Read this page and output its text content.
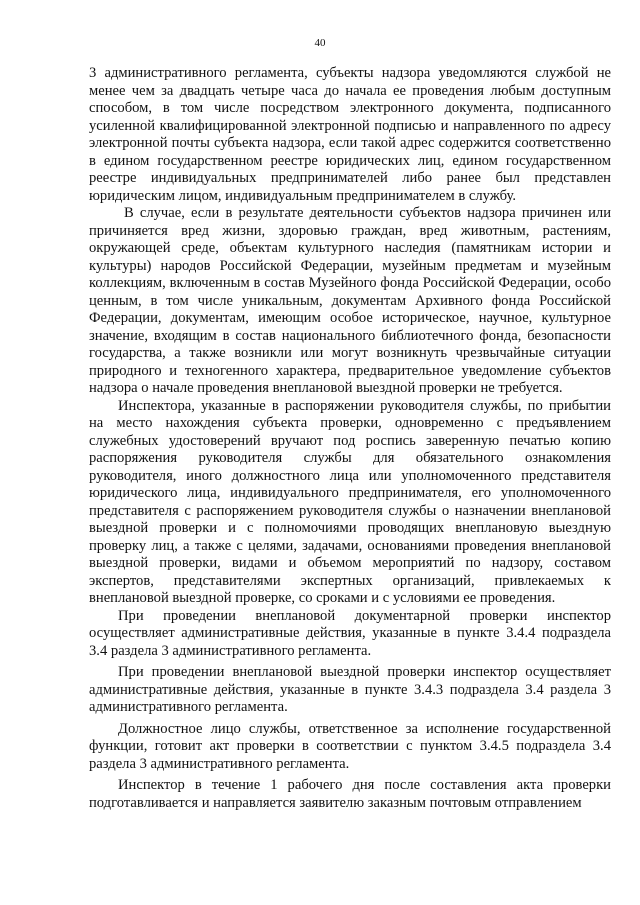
40

3 административного регламента, субъекты надзора уведомляются службой не менее чем за двадцать четыре часа до начала ее проведения любым доступным способом, в том числе посредством электронного документа, подписанного усиленной квалифицированной электронной подписью и направленного по адресу электронной почты субъекта надзора, если такой адрес содержится соответственно в едином государственном реестре юридических лиц, едином государственном реестре индивидуальных предпринимателей либо ранее был представлен юридическим лицом, индивидуальным предпринимателем в службу.

В случае, если в результате деятельности субъектов надзора причинен или причиняется вред жизни, здоровью граждан, вред животным, растениям, окружающей среде, объектам культурного наследия (памятникам истории и культуры) народов Российской Федерации, музейным предметам и музейным коллекциям, включенным в состав Музейного фонда Российской Федерации, особо ценным, в том числе уникальным, документам Архивного фонда Российской Федерации, документам, имеющим особое историческое, научное, культурное значение, входящим в состав национального библиотечного фонда, безопасности государства, а также возникли или могут возникнуть чрезвычайные ситуации природного и техногенного характера, предварительное уведомление субъектов надзора о начале проведения внеплановой выездной проверки не требуется.

Инспектора, указанные в распоряжении руководителя службы, по прибытии на место нахождения субъекта проверки, одновременно с предъявлением служебных удостоверений вручают под роспись заверенную печатью копию распоряжения руководителя службы для обязательного ознакомления руководителя, иного должностного лица или уполномоченного представителя юридического лица, индивидуального предпринимателя, его уполномоченного представителя с распоряжением руководителя службы о назначении внеплановой выездной проверки и с полномочиями проводящих внеплановую выездную проверку лиц, а также с целями, задачами, основаниями проведения внеплановой выездной проверки, видами и объемом мероприятий по надзору, составом экспертов, представителями экспертных организаций, привлекаемых к внеплановой выездной проверке, со сроками и с условиями ее проведения.

При проведении внеплановой документарной проверки инспектор осуществляет административные действия, указанные в пункте 3.4.4 подраздела 3.4 раздела 3 административного регламента.

При проведении внеплановой выездной проверки инспектор осуществляет административные действия, указанные в пункте 3.4.3 подраздела 3.4 раздела 3 административного регламента.

Должностное лицо службы, ответственное за исполнение государственной функции, готовит акт проверки в соответствии с пунктом 3.4.5 подраздела 3.4 раздела 3 административного регламента.

Инспектор в течение 1 рабочего дня после составления акта проверки подготавливается и направляется заявителю заказным почтовым отправлением
